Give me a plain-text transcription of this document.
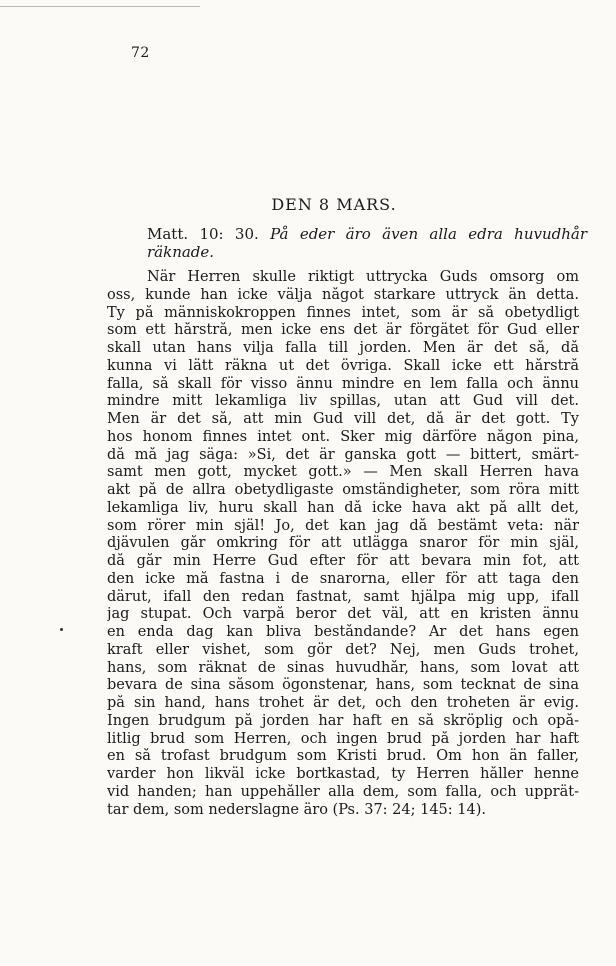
72
DEN 8 MARS.
Matt. 10: 30. På eder äro även alla edra huvudhår räknade.
När Herren skulle riktigt uttrycka Guds omsorg om
oss, kunde han icke välja något starkare uttryck än detta.
Ty på människokroppen finnes intet, som är så obetydligt
som ett hårstrå, men icke ens det är förgätet för Gud eller
skall utan hans vilja falla till jorden. Men är det så, då
kunna vi lätt räkna ut det övriga. Skall icke ett hårstrå
falla, så skall för visso ännu mindre en lem falla och ännu
mindre mitt lekamliga liv spillas, utan att Gud vill det.
Men är det så, att min Gud vill det, då är det gott. Ty
hos honom finnes intet ont. Sker mig därföre någon pina,
då må jag säga: »Si, det är ganska gott — bittert, smärt-
samt men gott, mycket gott.» — Men skall Herren hava
akt på de allra obetydligaste omständigheter, som röra mitt
lekamliga liv, huru skall han då icke hava akt på allt det,
som rörer min själ! Jo, det kan jag då bestämt veta: när
djävulen går omkring för att utlägga snaror för min själ,
då går min Herre Gud efter för att bevara min fot, att
den icke må fastna i de snarorna, eller för att taga den
därut, ifall den redan fastnat, samt hjälpa mig upp, ifall
jag stupat. Och varpå beror det väl, att en kristen ännu
en enda dag kan bliva beståndande? Är det hans egen
kraft eller vishet, som gör det? Nej, men Guds trohet,
hans, som räknat de sinas huvudhår, hans, som lovat att
bevara de sina såsom ögonstenar, hans, som tecknat de sina
på sin hand, hans trohet är det, och den troheten är evig.
Ingen brudgum på jorden har haft en så skröplig och opå-
litlig brud som Herren, och ingen brud på jorden har haft
en så trofast brudgum som Kristi brud. Om hon än faller,
varder hon likväl icke bortkastad, ty Herren håller henne
vid handen; han uppehåller alla dem, som falla, och upprät-
tar dem, som nederslagne äro (Ps. 37: 24; 145: 14).
